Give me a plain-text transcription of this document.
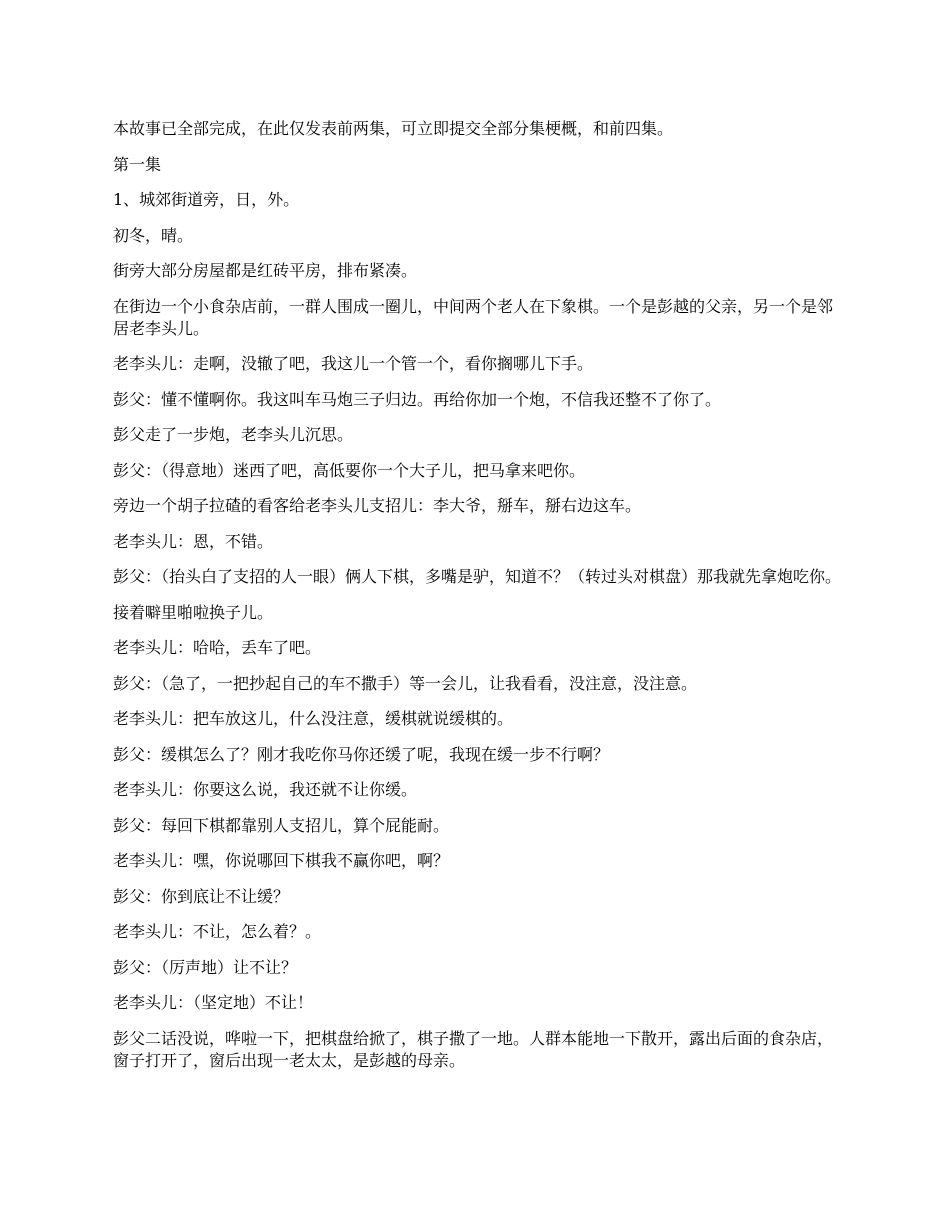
本故事已全部完成，在此仅发表前两集，可立即提交全部分集梗概，和前四集。

第一集

1、城郊街道旁，日，外。

初冬，晴。

街旁大部分房屋都是红砖平房，排布紧凑。

在街边一个小食杂店前，一群人围成一圈儿，中间两个老人在下象棋。一个是彭越的父亲，另一个是邻居老李头儿。

老李头儿：走啊，没辙了吧，我这儿一个管一个，看你搁哪儿下手。

彭父：懂不懂啊你。我这叫车马炮三子归边。再给你加一个炮，不信我还整不了你了。

彭父走了一步炮，老李头儿沉思。

彭父：（得意地）迷西了吧，高低要你一个大子儿，把马拿来吧你。

旁边一个胡子拉碴的看客给老李头儿支招儿：李大爷，掰车，掰右边这车。

老李头儿：恩，不错。

彭父：（抬头白了支招的人一眼）俩人下棋，多嘴是驴，知道不？（转过头对棋盘）那我就先拿炮吃你。

接着噼里啪啦换子儿。

老李头儿：哈哈，丢车了吧。

彭父：（急了，一把抄起自己的车不撒手）等一会儿，让我看看，没注意，没注意。

老李头儿：把车放这儿，什么没注意，缓棋就说缓棋的。

彭父：缓棋怎么了？刚才我吃你马你还缓了呢，我现在缓一步不行啊？

老李头儿：你要这么说，我还就不让你缓。

彭父：每回下棋都靠别人支招儿，算个屁能耐。

老李头儿：嘿，你说哪回下棋我不赢你吧，啊？

彭父：你到底让不让缓？

老李头儿：不让，怎么着？。

彭父：（厉声地）让不让？

老李头儿：（坚定地）不让！

彭父二话没说，哗啦一下，把棋盘给掀了，棋子撒了一地。人群本能地一下散开，露出后面的食杂店，窗子打开了，窗后出现一老太太，是彭越的母亲。
